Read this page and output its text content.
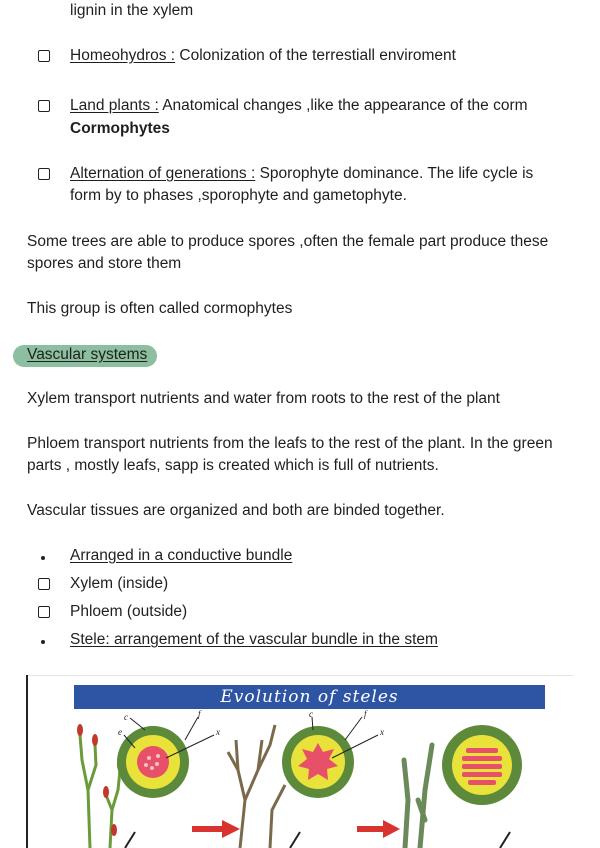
lignin in the xylem
Homeohydros : Colonization of the terrestiall enviroment
Land plants : Anatomical changes ,like the appearance of the corm
Cormophytes
Alternation of generations : Sporophyte dominance. The life cycle is
form by to phases ,sporophyte and gametophyte.
Some trees are able to produce spores ,often the female part produce these spores and store them
This group is often called cormophytes
Vascular systems
Xylem transport nutrients and water from roots to the rest of the plant
Phloem transport nutrients from the leafs to the rest of the plant. In the green parts , mostly leafs, sapp is created which is full of nutrients.
Vascular tissues are organized and both are binded together.
Arranged in a conductive bundle
Xylem (inside)
Phloem (outside)
Stele: arrangement of the vascular bundle in the stem
Evolution of steles
c
e
f
x
c	f
x
